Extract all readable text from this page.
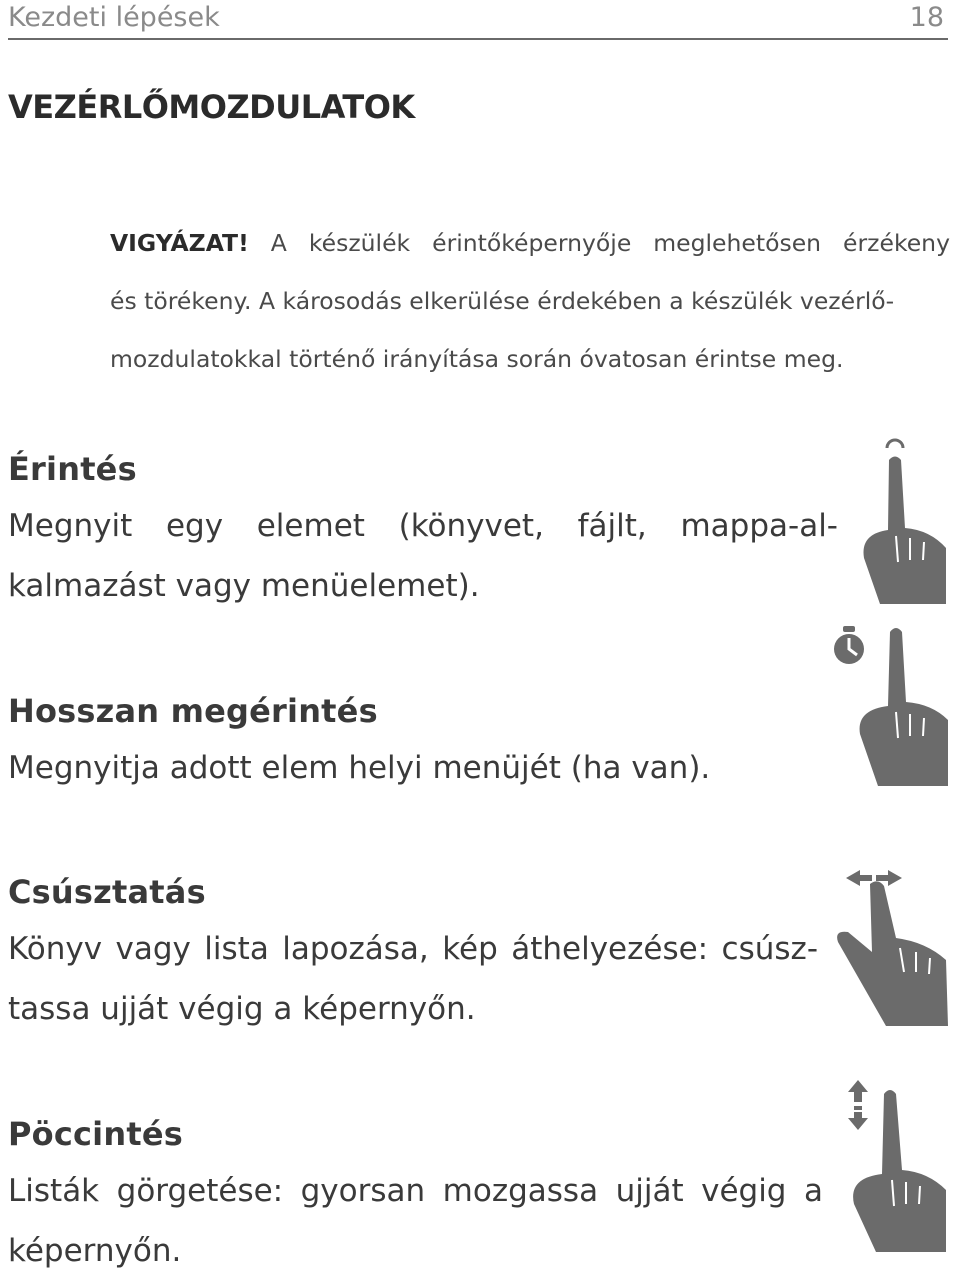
Kezdeti lépések	18
VEZÉRLŐMOZDULATOK
VIGYÁZAT! A készülék érintőképernyője meglehetősen érzékeny
és törékeny. A károsodás elkerülése érdekében a készülék vezérlő-
mozdulatokkal történő irányítása során óvatosan érintse meg.
Érintés
Megnyit egy elemet (könyvet, fájlt, mappa-al-
kalmazást vagy menüelemet).
Hosszan megérintés
Megnyitja adott elem helyi menüjét (ha van).
Csúsztatás
Könyv vagy lista lapozása, kép áthelyezése: csúsz-
tassa ujját végig a képernyőn.
Pöccintés
Listák görgetése: gyorsan mozgassa ujját végig a
képernyőn.
